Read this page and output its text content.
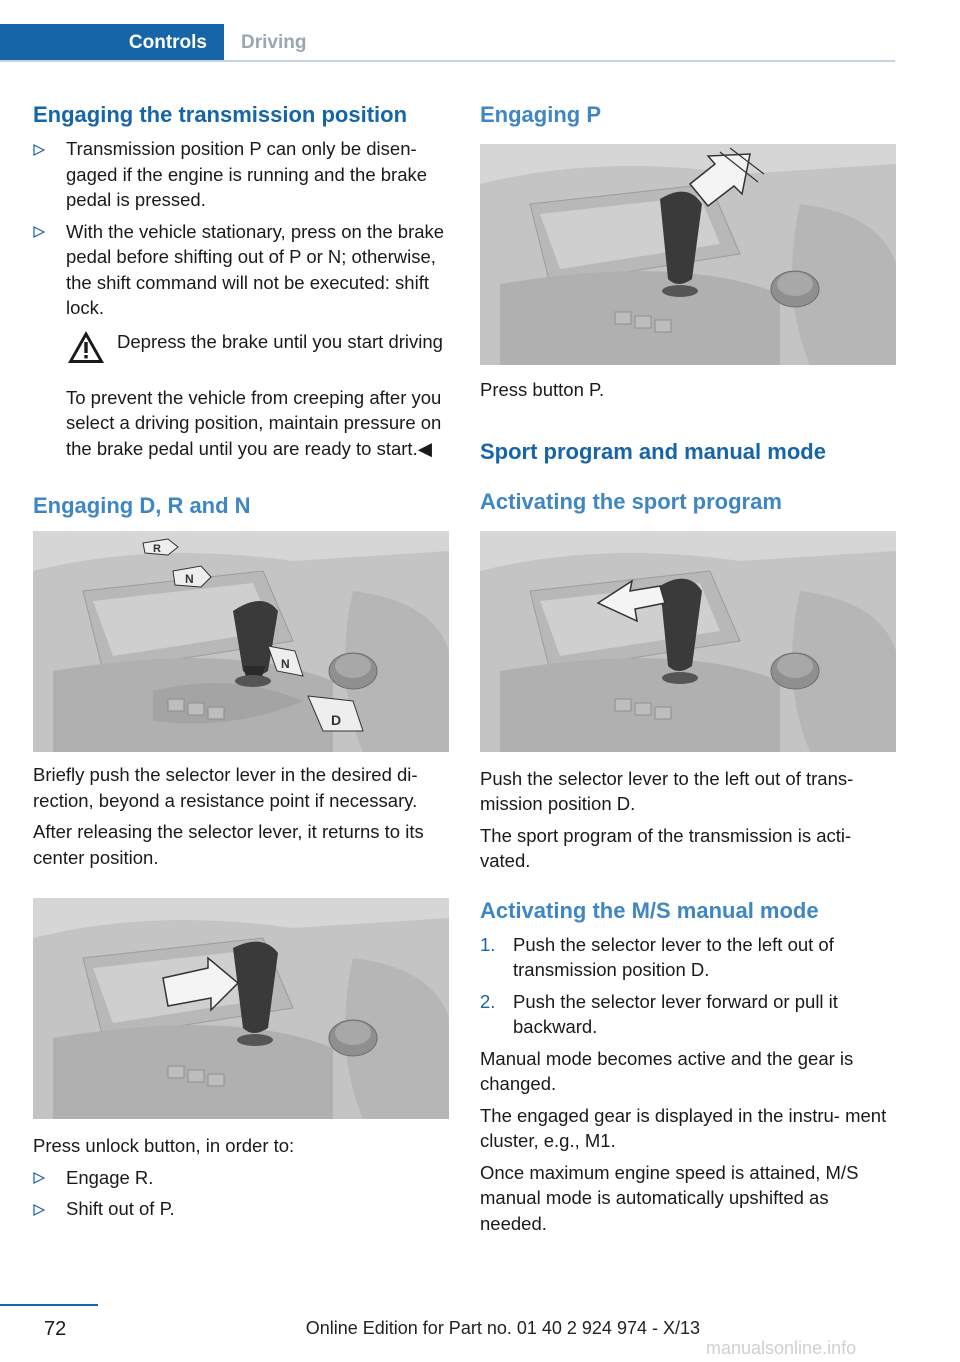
Controls	Driving
Engaging the transmission position
Transmission position P can only be disen‐ gaged if the engine is running and the brake pedal is pressed.
With the vehicle stationary, press on the brake pedal before shifting out of P or N; otherwise, the shift command will not be executed: shift lock.

Depress the brake until you start driving

To prevent the vehicle from creeping after you select a driving position, maintain pressure on the brake pedal until you are ready to start.◀

Engaging D, R and N
R
N
N
D

Briefly push the selector lever in the desired di‐ rection, beyond a resistance point if necessary.

After releasing the selector lever, it returns to its center position.

Press unlock button, in order to:

Engage R.
Shift out of P.
Engaging P

Press button P.

Sport program and manual mode
Activating the sport program

Push the selector lever to the left out of trans‐ mission position D.

The sport program of the transmission is acti‐ vated.

Activating the M/S manual mode
1. Push the selector lever to the left out of transmission position D.
2. Push the selector lever forward or pull it backward.

Manual mode becomes active and the gear is changed.

The engaged gear is displayed in the instru‐ ment cluster, e.g., M1.

Once maximum engine speed is attained, M/S manual mode is automatically upshifted as needed.

72	Online Edition for Part no. 01 40 2 924 974 - X/13
manualsonline.info
